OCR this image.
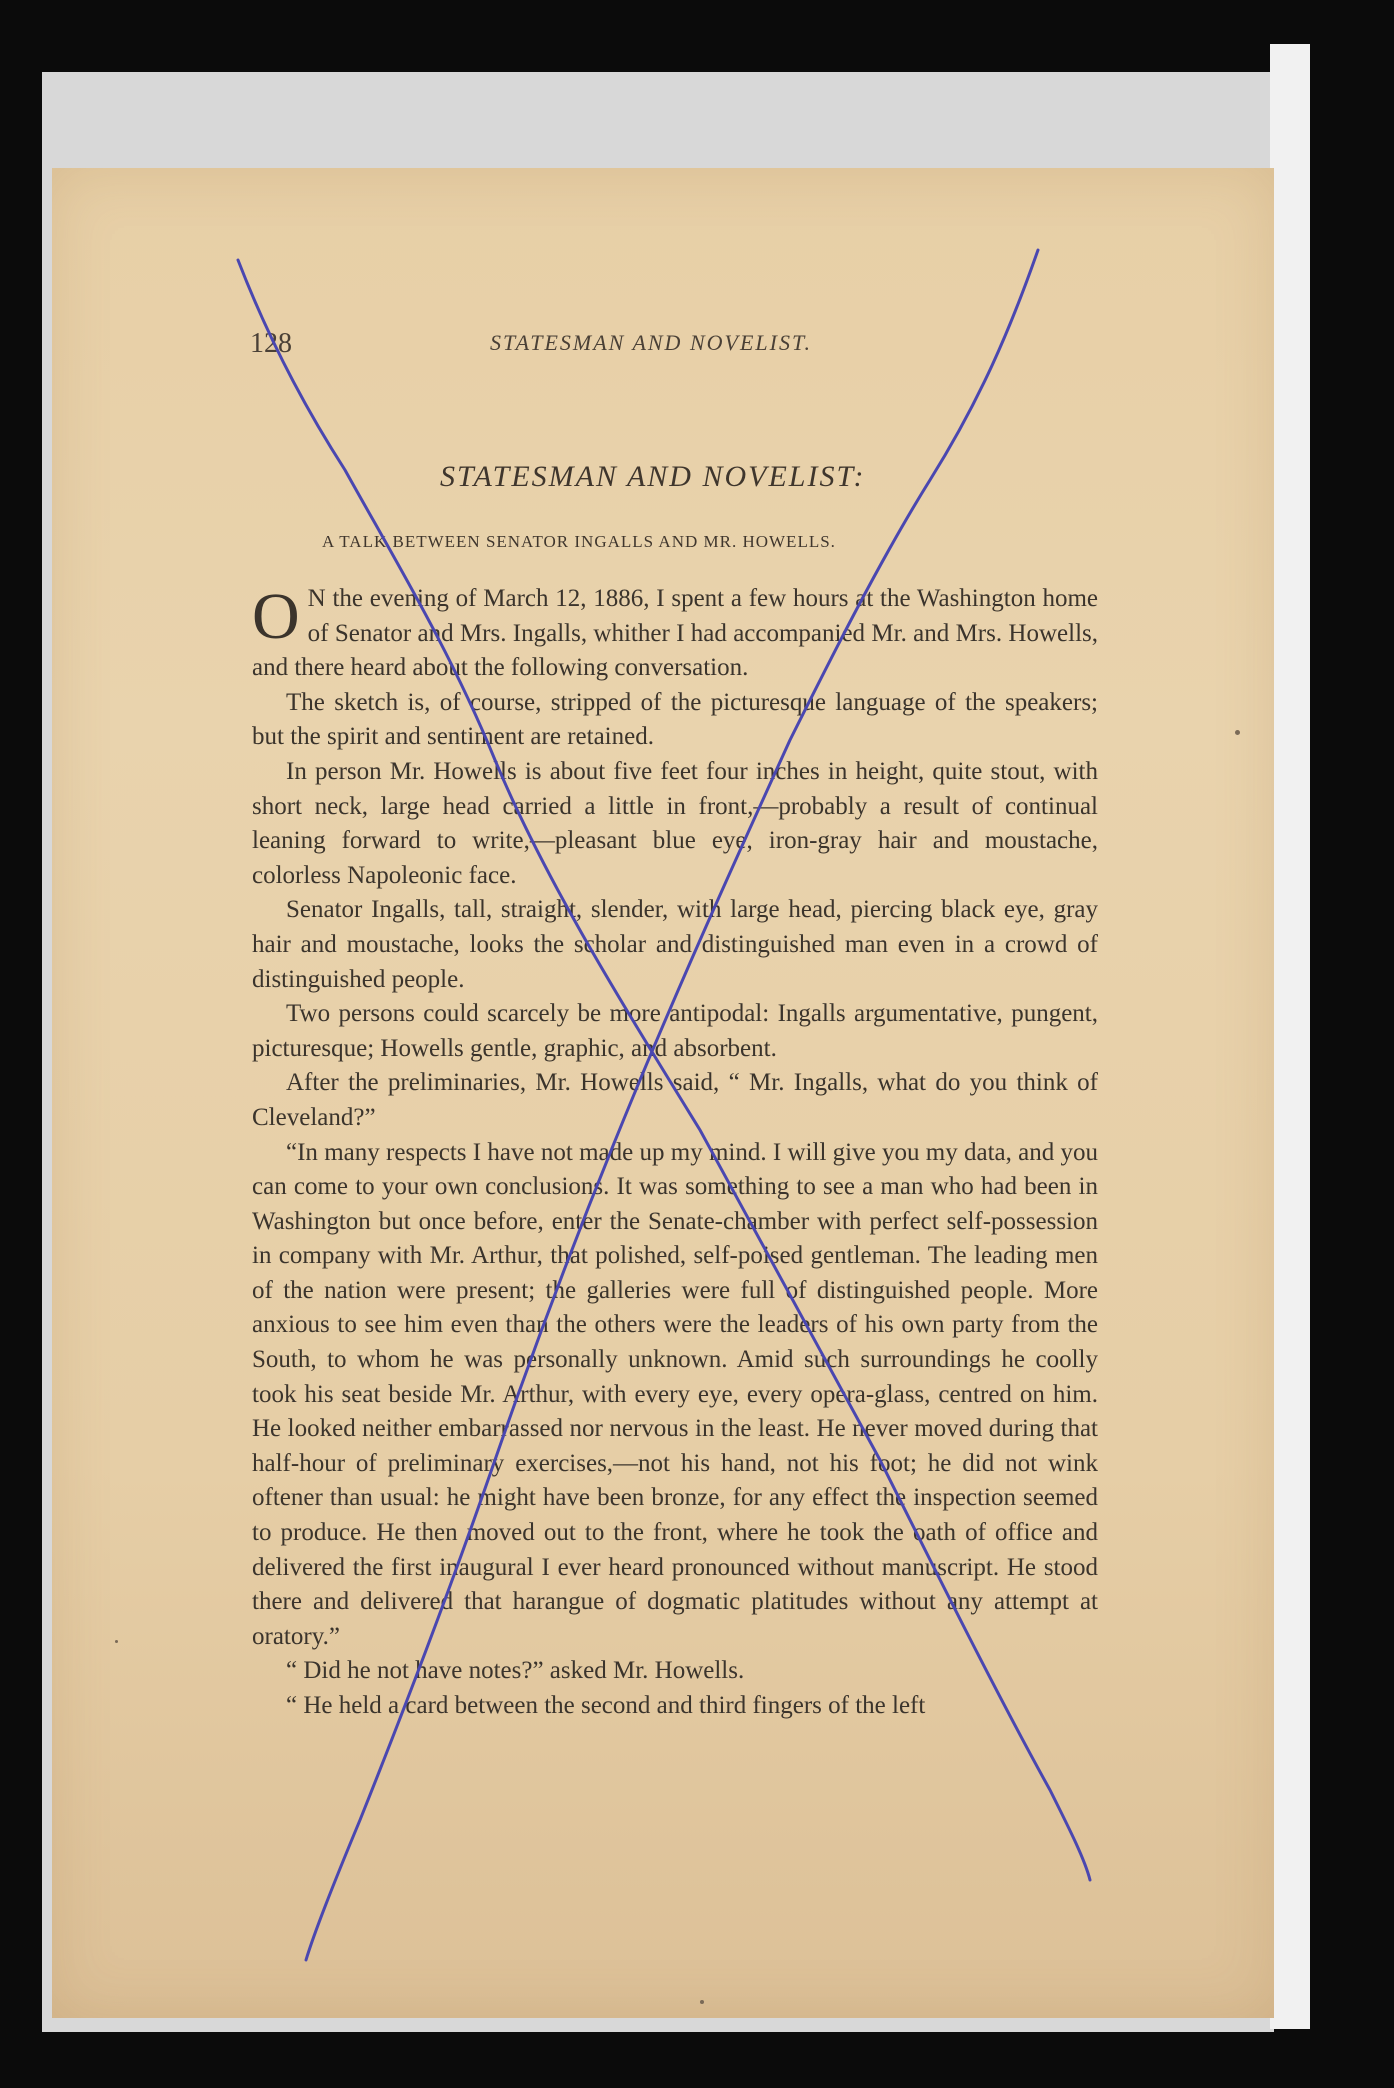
128	STATESMAN AND NOVELIST.
STATESMAN AND NOVELIST:
A TALK BETWEEN SENATOR INGALLS AND MR. HOWELLS.

O N the evening of March 12, 1886, I spent a few hours at the Washington home of Senator and Mrs. Ingalls, whither I had accompanied Mr. and Mrs. Howells, and there heard about the following conversation.

The sketch is, of course, stripped of the picturesque language of the speakers; but the spirit and sentiment are retained.

In person Mr. Howells is about five feet four inches in height, quite stout, with short neck, large head carried a little in front,—probably a result of continual leaning forward to write,—pleasant blue eye, iron-gray hair and moustache, colorless Napoleonic face.

Senator Ingalls, tall, straight, slender, with large head, piercing black eye, gray hair and moustache, looks the scholar and distinguished man even in a crowd of distinguished people.

Two persons could scarcely be more antipodal: Ingalls argumentative, pungent, picturesque; Howells gentle, graphic, and absorbent.

After the preliminaries, Mr. Howells said, “ Mr. Ingalls, what do you think of Cleveland?”

“In many respects I have not made up my mind. I will give you my data, and you can come to your own conclusions. It was something to see a man who had been in Washington but once before, enter the Senate-chamber with perfect self-possession in company with Mr. Arthur, that polished, self-poised gentleman. The leading men of the nation were present; the galleries were full of distinguished people. More anxious to see him even than the others were the leaders of his own party from the South, to whom he was personally unknown. Amid such surroundings he coolly took his seat beside Mr. Arthur, with every eye, every opera-glass, centred on him. He looked neither embarrassed nor nervous in the least. He never moved during that half-hour of preliminary exercises,—not his hand, not his foot; he did not wink oftener than usual: he might have been bronze, for any effect the inspection seemed to produce. He then moved out to the front, where he took the oath of office and delivered the first inaugural I ever heard pronounced without manuscript. He stood there and delivered that harangue of dogmatic platitudes without any attempt at oratory.”

“ Did he not have notes?” asked Mr. Howells.

“ He held a card between the second and third fingers of the left
